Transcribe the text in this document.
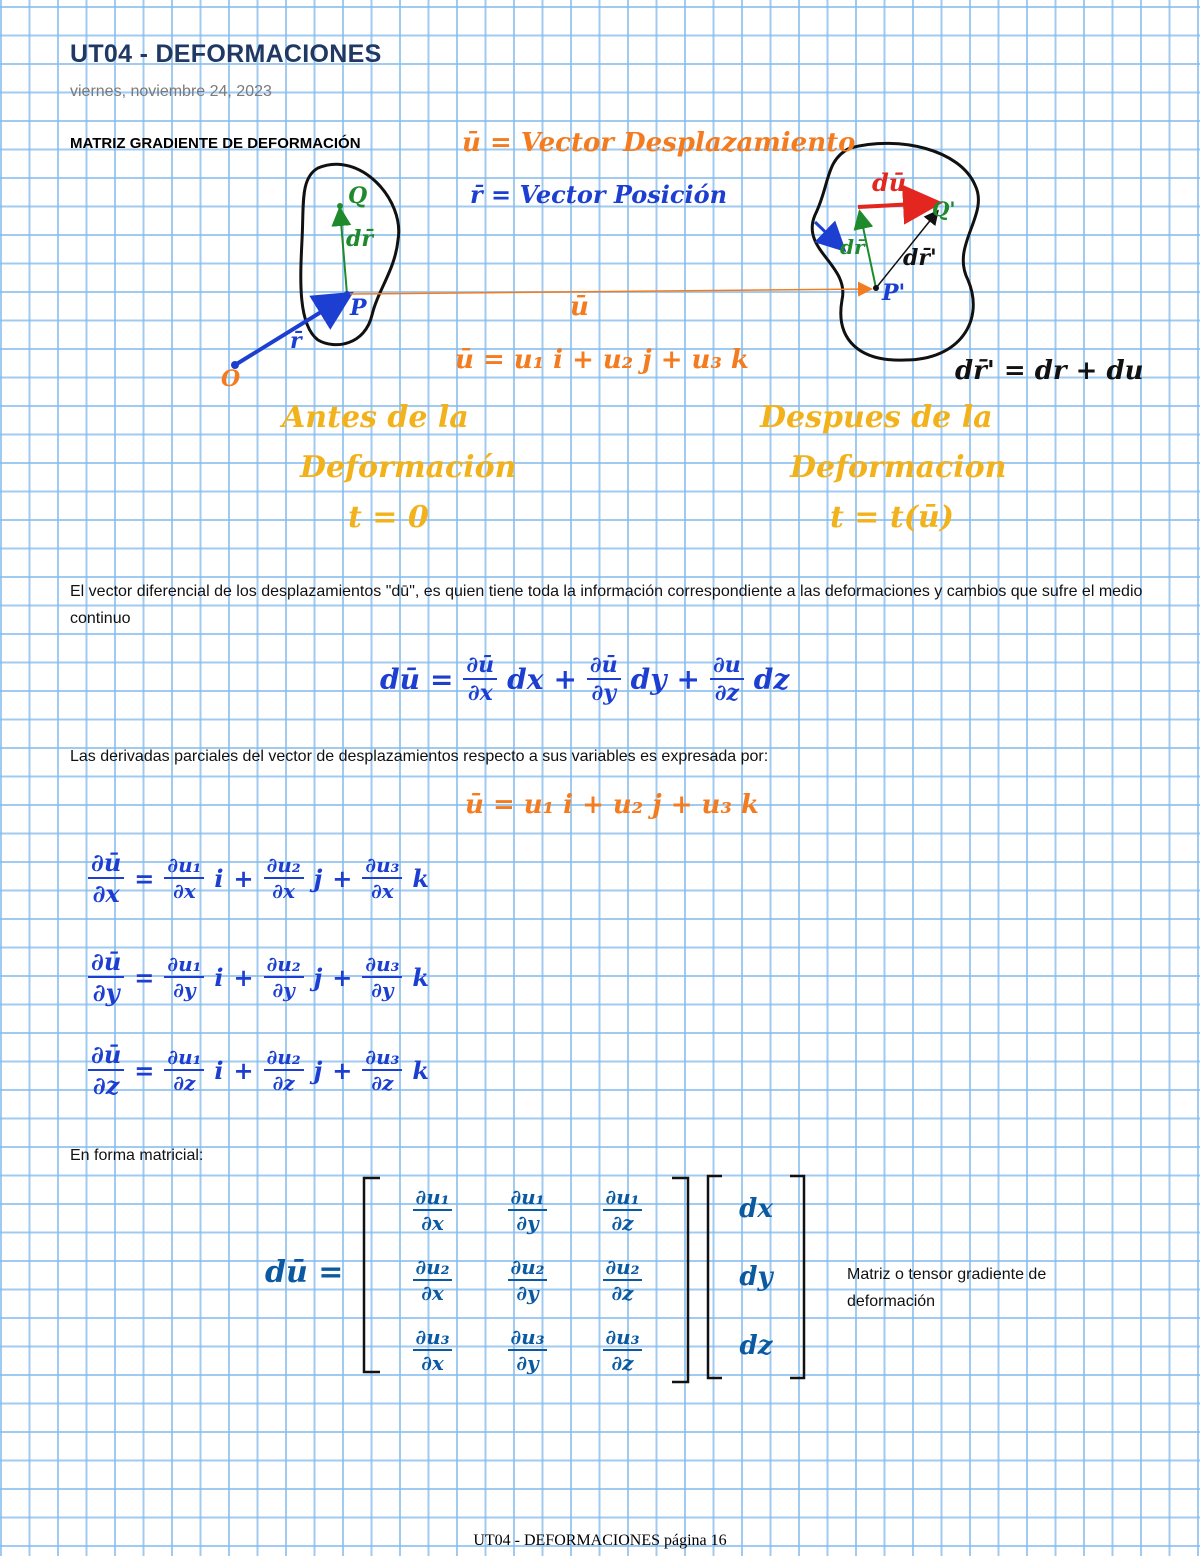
UT04 - DEFORMACIONES
viernes, noviembre 24, 2023
MATRIZ GRADIENTE DE DEFORMACIÓN	ū = Vector Desplazamiento
r̄ = Vector Posición
Q
dr̄
P
r̄
O
ū
ū = u₁ i + u₂ j + u₃ k
dū
Q'
dr̄ dr̄'
P'
dr̄' = dr + du
Antes de la
Deformación
t = 0
Despues de la
Deformacion
t = t(ū)
El vector diferencial de los desplazamientos "dū", es quien tiene toda la información correspondiente a las deformaciones y cambios que sufre el medio continuo
dū = $\frac{\partial ū}{\partial x}$ dx + $\frac{\partial ū}{\partial y}$ dy + $\frac{\partial u}{\partial z}$ dz
Las derivadas parciales del vector de desplazamientos respecto a sus variables es expresada por:
ū = u₁ i + u₂ j + u₃ k
$\frac{\partial ū}{\partial x} = \frac{\text{∂u₁}}{\partial x}$ $i + \frac{\text{∂u₂}}{\partial x}$ $j + \frac{\text{∂u₃}}{\partial x}$ k
$\frac{\partial ū}{\partial y} = \frac{\text{∂u₁}}{\partial y}$ $i + \frac{\text{∂u₂}}{\partial y}$ $j + \frac{\text{∂u₃}}{\partial y}$ k
$\frac{\partial ū}{\partial z} = \frac{\text{∂u₁}}{\partial z}$ $i + \frac{\text{∂u₂}}{\partial z}$ $j + \frac{\text{∂u₃}}{\partial z}$ k
En forma matricial:
dū =
$\frac{\text{∂u₁}}{\partial x}$	$\frac{\text{∂u₁}}{\partial y}$	$\frac{\text{∂u₁}}{\partial z}$
$\frac{\text{∂u₂}}{\partial x}$	$\frac{\text{∂u₂}}{\partial y}$	$\frac{\text{∂u₂}}{\partial z}$
$\frac{\text{∂u₃}}{\partial x}$	$\frac{\text{∂u₃}}{\partial y}$	$\frac{\text{∂u₃}}{\partial z}$
dx
dy
dz
Matriz o tensor gradiente de deformación
UT04 - DEFORMACIONES página 16
